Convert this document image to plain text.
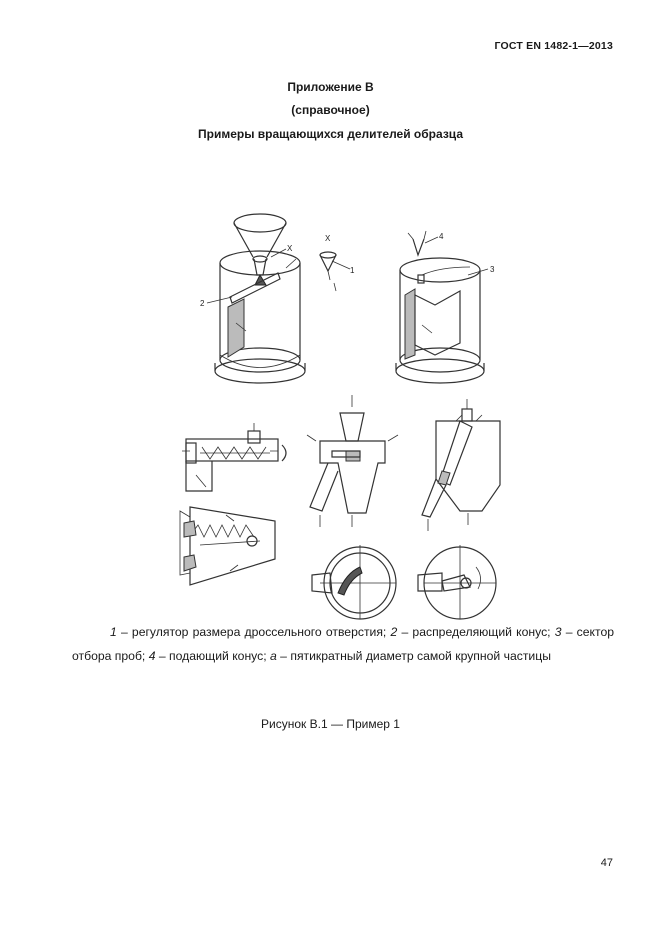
ГОСТ EN 1482-1—2013
Приложение В
(справочное)
Примеры вращающихся делителей образца
2
X
X
1
4
3
1 – регулятор размера дроссельного отверстия; 2 – распределяющий конус; 3 – сектор отбора проб; 4 – подающий конус; а – пятикратный диаметр самой крупной частицы
Рисунок В.1 — Пример 1
47
